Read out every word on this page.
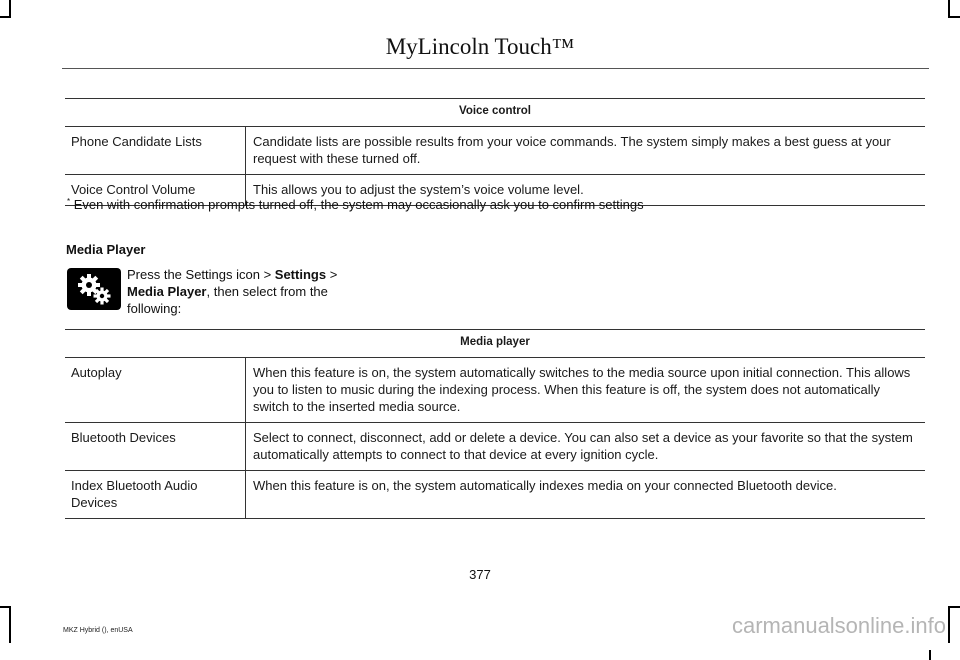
MyLincoln Touch™
Voice control	
Phone Candidate Lists	Candidate lists are possible results from your voice commands. The system simply makes a best guess at your request with these turned off.
Voice Control Volume	This allows you to adjust the system’s voice volume level.
* Even with confirmation prompts turned off, the system may occasionally ask you to confirm settings
Media Player
Press the Settings icon > Settings > Media Player, then select from the following:
Media player	
Autoplay	When this feature is on, the system automatically switches to the media source upon initial connection. This allows you to listen to music during the indexing process. When this feature is off, the system does not automatically switch to the inserted media source.
Bluetooth Devices	Select to connect, disconnect, add or delete a device. You can also set a device as your favorite so that the system automatically attempts to connect to that device at every ignition cycle.
Index Bluetooth Audio Devices	When this feature is on, the system automatically indexes media on your connected Bluetooth device.
377
MKZ Hybrid (), enUSA	carmanualsonline.info
